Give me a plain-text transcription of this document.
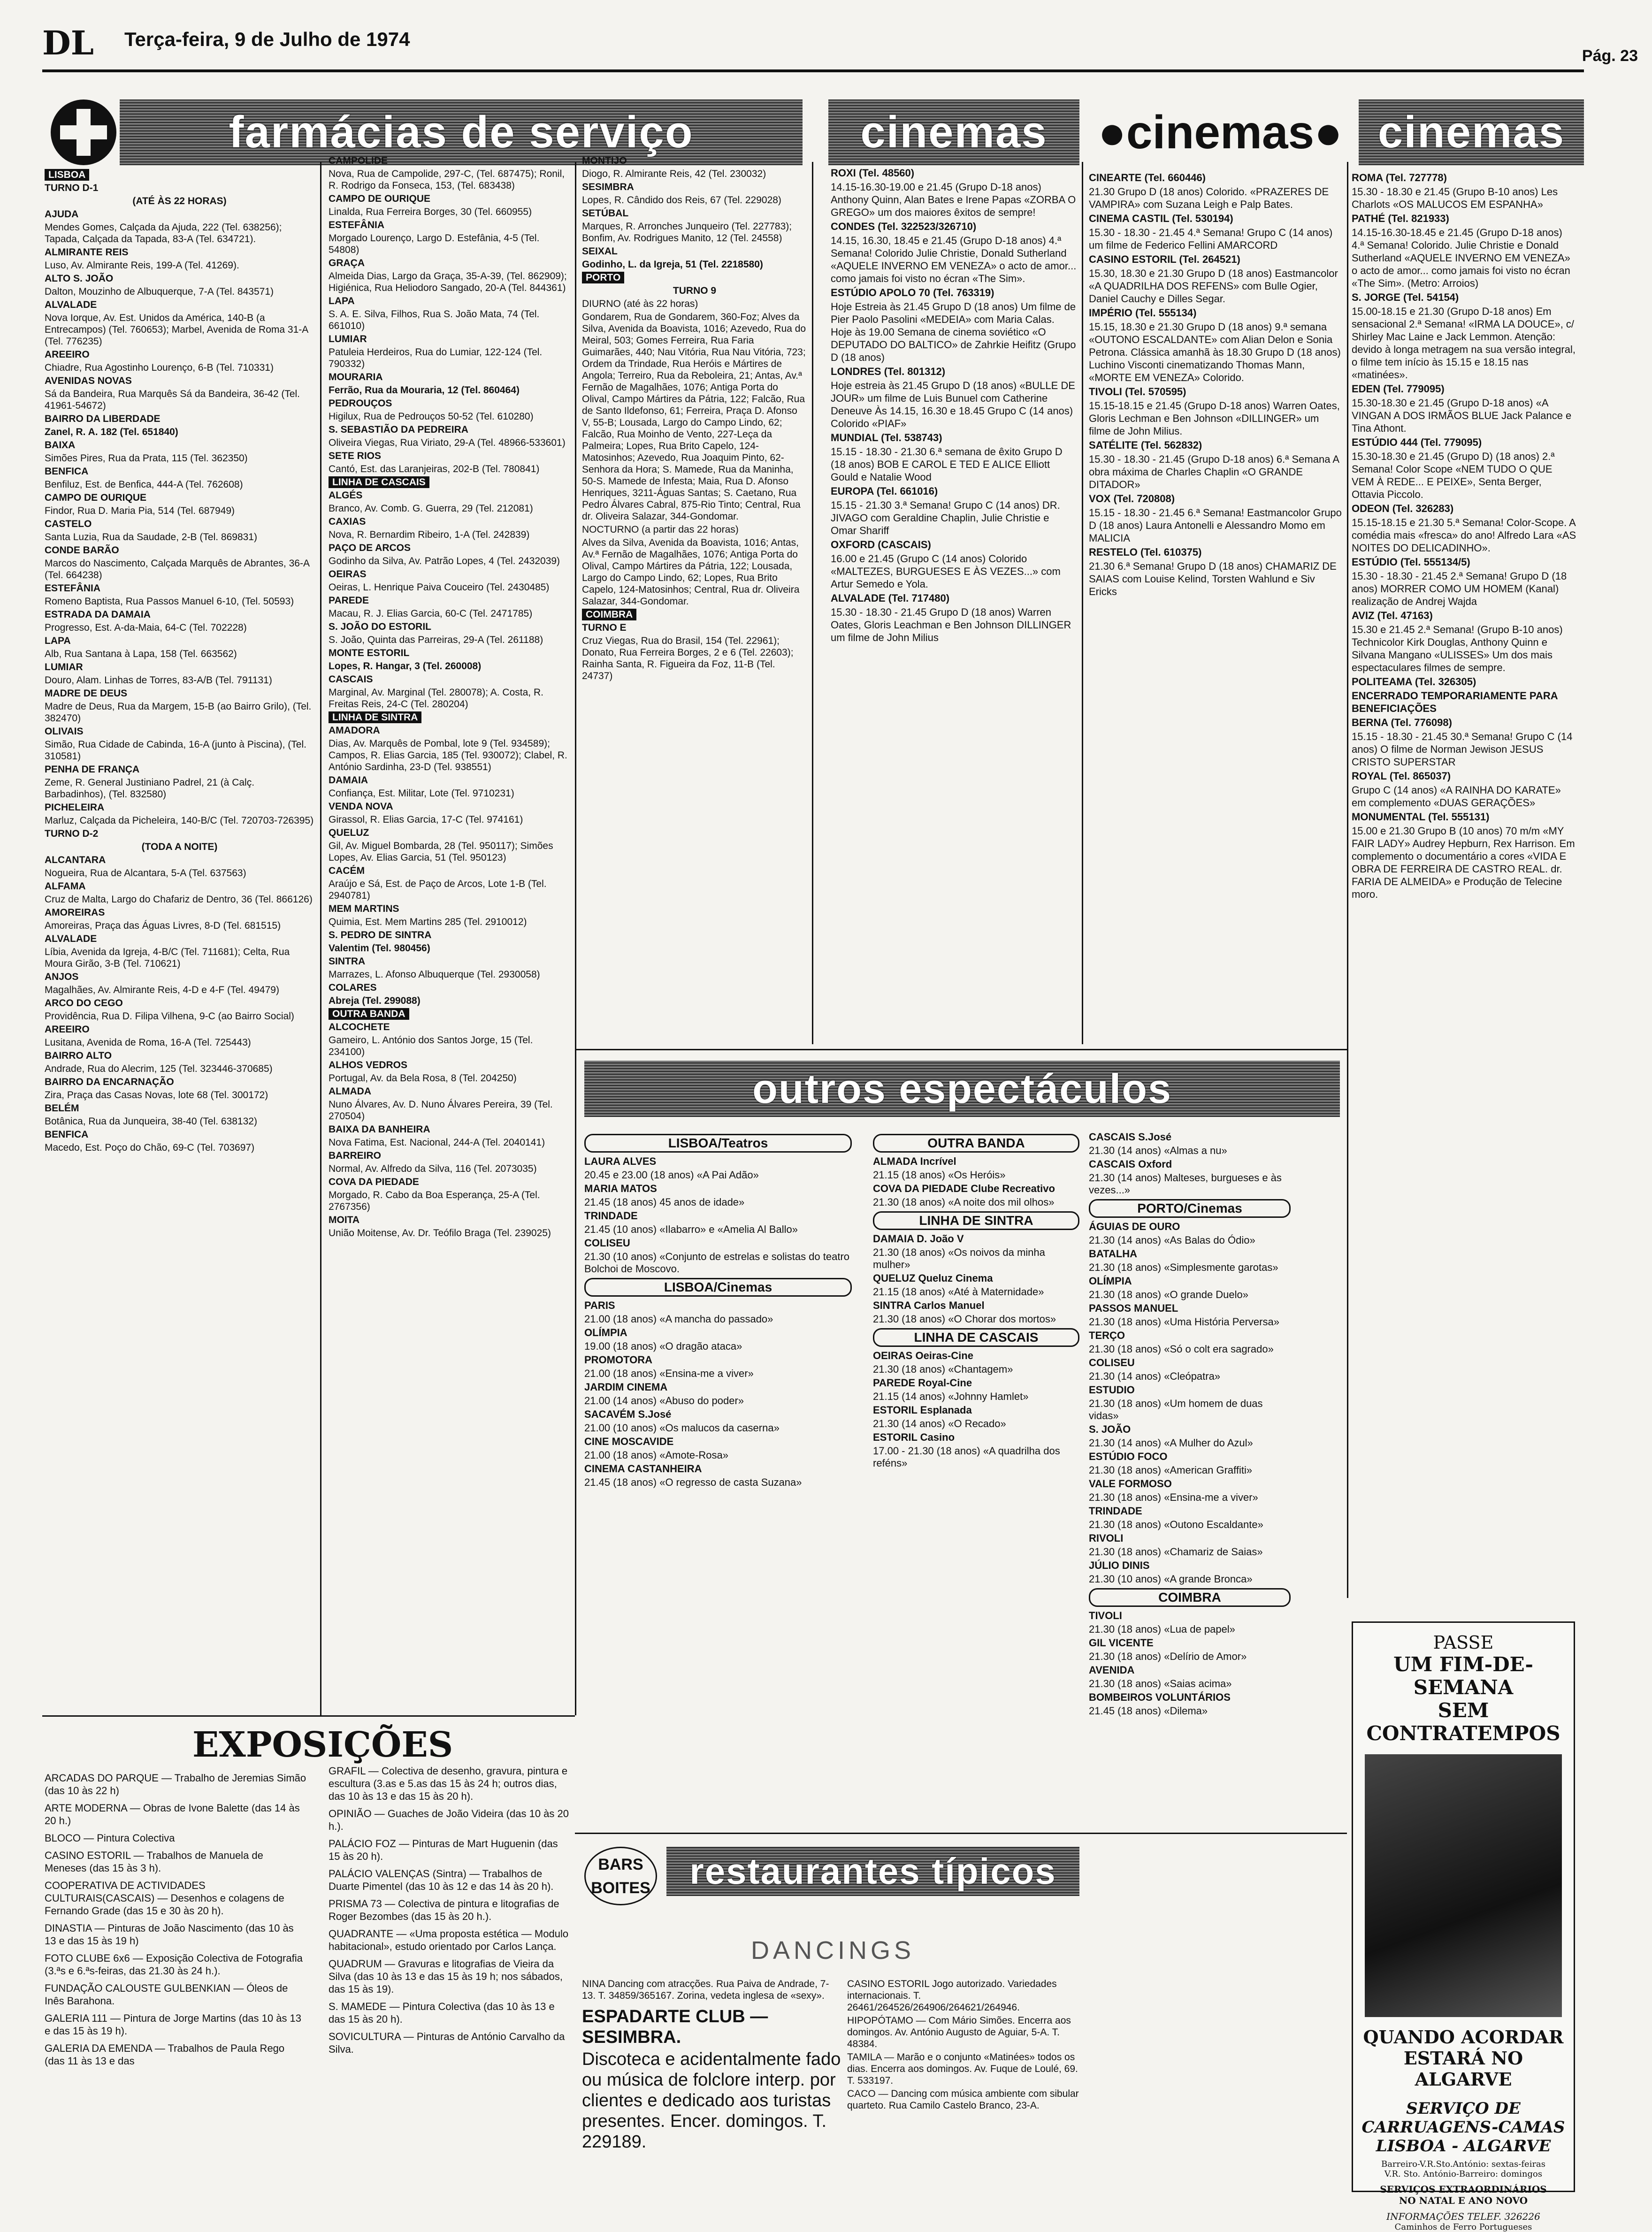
DL Terça-feira, 9 de Julho de 1974
Pág. 23
farmácias de serviço	cinemas	●cinemas● cinemas

LISBOA

TURNO D-1

(ATÉ ÀS 22 HORAS)

AJUDA

Mendes Gomes, Calçada da Ajuda, 222 (Tel. 638256); Tapada, Calçada da Tapada, 83-A (Tel. 634721).

ALMIRANTE REIS

Luso, Av. Almirante Reis, 199-A (Tel. 41269).

ALTO S. JOÃO

Dalton, Mouzinho de Albuquerque, 7-A (Tel. 843571)

ALVALADE

Nova Iorque, Av. Est. Unidos da América, 140-B (a Entrecampos) (Tel. 760653); Marbel, Avenida de Roma 31-A (Tel. 776235)

AREEIRO

Chiadre, Rua Agostinho Lourenço, 6-B (Tel. 710331)

AVENIDAS NOVAS

Sá da Bandeira, Rua Marquês Sá da Bandeira, 36-42 (Tel. 41961-54672)

BAIRRO DA LIBERDADE

Zanel, R. A. 182 (Tel. 651840)

BAIXA

Simões Pires, Rua da Prata, 115 (Tel. 362350)

BENFICA

Benfiluz, Est. de Benfica, 444-A (Tel. 762608)

CAMPO DE OURIQUE

Findor, Rua D. Maria Pia, 514 (Tel. 687949)

CASTELO

Santa Luzia, Rua da Saudade, 2-B (Tel. 869831)

CONDE BARÃO

Marcos do Nascimento, Calçada Marquês de Abrantes, 36-A (Tel. 664238)

ESTEFÂNIA

Romeno Baptista, Rua Passos Manuel 6-10, (Tel. 50593)

ESTRADA DA DAMAIA

Progresso, Est. A-da-Maia, 64-C (Tel. 702228)

LAPA

Alb, Rua Santana à Lapa, 158 (Tel. 663562)

LUMIAR

Douro, Alam. Linhas de Torres, 83-A/B (Tel. 791131)

MADRE DE DEUS

Madre de Deus, Rua da Margem, 15-B (ao Bairro Grilo), (Tel. 382470)

OLIVAIS

Simão, Rua Cidade de Cabinda, 16-A (junto à Piscina), (Tel. 310581)

PENHA DE FRANÇA

Zeme, R. General Justiniano Padrel, 21 (à Calç. Barbadinhos), (Tel. 832580)

PICHELEIRA

Marluz, Calçada da Picheleira, 140-B/C (Tel. 720703-726395)

TURNO D-2

(TODA A NOITE)

ALCANTARA

Nogueira, Rua de Alcantara, 5-A (Tel. 637563)

ALFAMA

Cruz de Malta, Largo do Chafariz de Dentro, 36 (Tel. 866126)

AMOREIRAS

Amoreiras, Praça das Águas Livres, 8-D (Tel. 681515)

ALVALADE

Líbia, Avenida da Igreja, 4-B/C (Tel. 711681); Celta, Rua Moura Girão, 3-B (Tel. 710621)

ANJOS

Magalhães, Av. Almirante Reis, 4-D e 4-F (Tel. 49479)

ARCO DO CEGO

Providência, Rua D. Filipa Vilhena, 9-C (ao Bairro Social)

AREEIRO

Lusitana, Avenida de Roma, 16-A (Tel. 725443)

BAIRRO ALTO

Andrade, Rua do Alecrim, 125 (Tel. 323446-370685)

BAIRRO DA ENCARNAÇÃO

Zira, Praça das Casas Novas, lote 68 (Tel. 300172)

BELÉM

Botânica, Rua da Junqueira, 38-40 (Tel. 638132)

BENFICA

Macedo, Est. Poço do Chão, 69-C (Tel. 703697)

CAMPOLIDE

Nova, Rua de Campolide, 297-C, (Tel. 687475); Ronil, R. Rodrigo da Fonseca, 153, (Tel. 683438)

CAMPO DE OURIQUE

Linalda, Rua Ferreira Borges, 30 (Tel. 660955)

ESTEFÂNIA

Morgado Lourenço, Largo D. Estefânia, 4-5 (Tel. 54808)

GRAÇA

Almeida Dias, Largo da Graça, 35-A-39, (Tel. 862909); Higiénica, Rua Heliodoro Sangado, 20-A (Tel. 844361)

LAPA

S. A. E. Silva, Filhos, Rua S. João Mata, 74 (Tel. 661010)

LUMIAR

Patuleia Herdeiros, Rua do Lumiar, 122-124 (Tel. 790332)

MOURARIA

Ferrão, Rua da Mouraria, 12 (Tel. 860464)

PEDROUÇOS

Higilux, Rua de Pedrouços 50-52 (Tel. 610280)

S. SEBASTIÃO DA PEDREIRA

Oliveira Viegas, Rua Viriato, 29-A (Tel. 48966-533601)

SETE RIOS

Cantó, Est. das Laranjeiras, 202-B (Tel. 780841)

LINHA DE CASCAIS

ALGÉS

Branco, Av. Comb. G. Guerra, 29 (Tel. 212081)

CAXIAS

Nova, R. Bernardim Ribeiro, 1-A (Tel. 242839)

PAÇO DE ARCOS

Godinho da Silva, Av. Patrão Lopes, 4 (Tel. 2432039)

OEIRAS

Oeiras, L. Henrique Paiva Couceiro (Tel. 2430485)

PAREDE

Macau, R. J. Elias Garcia, 60-C (Tel. 2471785)

S. JOÃO DO ESTORIL

S. João, Quinta das Parreiras, 29-A (Tel. 261188)

MONTE ESTORIL

Lopes, R. Hangar, 3 (Tel. 260008)

CASCAIS

Marginal, Av. Marginal (Tel. 280078); A. Costa, R. Freitas Reis, 24-C (Tel. 280204)

LINHA DE SINTRA

AMADORA

Dias, Av. Marquês de Pombal, lote 9 (Tel. 934589); Campos, R. Elias Garcia, 185 (Tel. 930072); Clabel, R. António Sardinha, 23-D (Tel. 938551)

DAMAIA

Confiança, Est. Militar, Lote (Tel. 9710231)

VENDA NOVA

Girassol, R. Elias Garcia, 17-C (Tel. 974161)

QUELUZ

Gil, Av. Miguel Bombarda, 28 (Tel. 950117); Simões Lopes, Av. Elias Garcia, 51 (Tel. 950123)

CACÉM

Araújo e Sá, Est. de Paço de Arcos, Lote 1-B (Tel. 2940781)

MEM MARTINS

Quimia, Est. Mem Martins 285 (Tel. 2910012)

S. PEDRO DE SINTRA

Valentim (Tel. 980456)

SINTRA

Marrazes, L. Afonso Albuquerque (Tel. 2930058)

COLARES

Abreja (Tel. 299088)

OUTRA BANDA

ALCOCHETE

Gameiro, L. António dos Santos Jorge, 15 (Tel. 234100)

ALHOS VEDROS

Portugal, Av. da Bela Rosa, 8 (Tel. 204250)

ALMADA

Nuno Álvares, Av. D. Nuno Álvares Pereira, 39 (Tel. 270504)

BAIXA DA BANHEIRA

Nova Fatima, Est. Nacional, 244-A (Tel. 2040141)

BARREIRO

Normal, Av. Alfredo da Silva, 116 (Tel. 2073035)

COVA DA PIEDADE

Morgado, R. Cabo da Boa Esperança, 25-A (Tel. 2767356)

MOITA

União Moitense, Av. Dr. Teófilo Braga (Tel. 239025)

MONTIJO

Diogo, R. Almirante Reis, 42 (Tel. 230032)

SESIMBRA

Lopes, R. Cândido dos Reis, 67 (Tel. 229028)

SETÚBAL

Marques, R. Arronches Junqueiro (Tel. 227783); Bonfim, Av. Rodrigues Manito, 12 (Tel. 24558)

SEIXAL

Godinho, L. da Igreja, 51 (Tel. 2218580)

PORTO

TURNO 9

DIURNO (até às 22 horas)

Gondarem, Rua de Gondarem, 360-Foz; Alves da Silva, Avenida da Boavista, 1016; Azevedo, Rua do Meiral, 503; Gomes Ferreira, Rua Faria Guimarães, 440; Nau Vitória, Rua Nau Vitória, 723; Ordem da Trindade, Rua Heróis e Mártires de Angola; Terreiro, Rua da Reboleira, 21; Antas, Av.ª Fernão de Magalhães, 1076; Antiga Porta do Olival, Campo Mártires da Pátria, 122; Falcão, Rua de Santo Ildefonso, 61; Ferreira, Praça D. Afonso V, 55-B; Lousada, Largo do Campo Lindo, 62; Falcão, Rua Moinho de Vento, 227-Leça da Palmeira; Lopes, Rua Brito Capelo, 124-Matosinhos; Azevedo, Rua Joaquim Pinto, 62-Senhora da Hora; S. Mamede, Rua da Maninha, 50-S. Mamede de Infesta; Maia, Rua D. Afonso Henriques, 3211-Águas Santas; S. Caetano, Rua Pedro Álvares Cabral, 875-Rio Tinto; Central, Rua dr. Oliveira Salazar, 344-Gondomar.

NOCTURNO (a partir das 22 horas)

Alves da Silva, Avenida da Boavista, 1016; Antas, Av.ª Fernão de Magalhães, 1076; Antiga Porta do Olival, Campo Mártires da Pátria, 122; Lousada, Largo do Campo Lindo, 62; Lopes, Rua Brito Capelo, 124-Matosinhos; Central, Rua dr. Oliveira Salazar, 344-Gondomar.

COIMBRA

TURNO E

Cruz Viegas, Rua do Brasil, 154 (Tel. 22961); Donato, Rua Ferreira Borges, 2 e 6 (Tel. 22603); Rainha Santa, R. Figueira da Foz, 11-B (Tel. 24737)

ROXI (Tel. 48560)

14.15-16.30-19.00 e 21.45 (Grupo D-18 anos) Anthony Quinn, Alan Bates e Irene Papas «ZORBA O GREGO» um dos maiores êxitos de sempre!

CONDES (Tel. 322523/326710)

14.15, 16.30, 18.45 e 21.45 (Grupo D-18 anos) 4.ª Semana! Colorido Julie Christie, Donald Sutherland «AQUELE INVERNO EM VENEZA» o acto de amor... como jamais foi visto no écran «The Sim».

ESTÚDIO APOLO 70 (Tel. 763319)

Hoje Estreia às 21.45 Grupo D (18 anos) Um filme de Pier Paolo Pasolini «MEDEIA» com Maria Calas. Hoje às 19.00 Semana de cinema soviético «O DEPUTADO DO BALTICO» de Zahrkie Heifitz (Grupo D (18 anos)

LONDRES (Tel. 801312)

Hoje estreia às 21.45 Grupo D (18 anos) «BULLE DE JOUR» um filme de Luis Bunuel com Catherine Deneuve Às 14.15, 16.30 e 18.45 Grupo C (14 anos) Colorido «PIAF»

MUNDIAL (Tel. 538743)

15.15 - 18.30 - 21.30 6.ª semana de êxito Grupo D (18 anos) BOB E CAROL E TED E ALICE Elliott Gould e Natalie Wood

EUROPA (Tel. 661016)

15.15 - 21.30 3.ª Semana! Grupo C (14 anos) DR. JIVAGO com Geraldine Chaplin, Julie Christie e Omar Shariff

OXFORD (CASCAIS)

16.00 e 21.45 (Grupo C (14 anos) Colorido «MALTEZES, BURGUESES E ÀS VEZES...» com Artur Semedo e Yola.

ALVALADE (Tel. 717480)

15.30 - 18.30 - 21.45 Grupo D (18 anos) Warren Oates, Gloris Leachman e Ben Johnson DILLINGER um filme de John Milius

CINEARTE (Tel. 660446)

21.30 Grupo D (18 anos) Colorido. «PRAZERES DE VAMPIRA» com Suzana Leigh e Palp Bates.

CINEMA CASTIL (Tel. 530194)

15.30 - 18.30 - 21.45 4.ª Semana! Grupo C (14 anos) um filme de Federico Fellini AMARCORD

CASINO ESTORIL (Tel. 264521)

15.30, 18.30 e 21.30 Grupo D (18 anos) Eastmancolor «A QUADRILHA DOS REFENS» com Bulle Ogier, Daniel Cauchy e Dilles Segar.

IMPÉRIO (Tel. 555134)

15.15, 18.30 e 21.30 Grupo D (18 anos) 9.ª semana «OUTONO ESCALDANTE» com Alian Delon e Sonia Petrona. Clássica amanhã às 18.30 Grupo D (18 anos) Luchino Visconti cinematizando Thomas Mann, «MORTE EM VENEZA» Colorido.

TIVOLI (Tel. 570595)

15.15-18.15 e 21.45 (Grupo D-18 anos) Warren Oates, Gloris Lechman e Ben Johnson «DILLINGER» um filme de John Milius.

SATÉLITE (Tel. 562832)

15.30 - 18.30 - 21.45 (Grupo D-18 anos) 6.ª Semana A obra máxima de Charles Chaplin «O GRANDE DITADOR»

VOX (Tel. 720808)

15.15 - 18.30 - 21.45 6.ª Semana! Eastmancolor Grupo D (18 anos) Laura Antonelli e Alessandro Momo em MALICIA

RESTELO (Tel. 610375)

21.30 6.ª Semana! Grupo D (18 anos) CHAMARIZ DE SAIAS com Louise Kelind, Torsten Wahlund e Siv Ericks

ROMA (Tel. 727778)

15.30 - 18.30 e 21.45 (Grupo B-10 anos) Les Charlots «OS MALUCOS EM ESPANHA»

PATHÉ (Tel. 821933)

14.15-16.30-18.45 e 21.45 (Grupo D-18 anos) 4.ª Semana! Colorido. Julie Christie e Donald Sutherland «AQUELE INVERNO EM VENEZA» o acto de amor... como jamais foi visto no écran «The Sim». (Metro: Arroios)

S. JORGE (Tel. 54154)

15.00-18.15 e 21.30 (Grupo D-18 anos) Em sensacional 2.ª Semana! «IRMA LA DOUCE», c/ Shirley Mac Laine e Jack Lemmon. Atenção: devido à longa metragem na sua versão integral, o filme tem início às 15.15 e 18.15 nas «matinées».

EDEN (Tel. 779095)

15.30-18.30 e 21.45 (Grupo D-18 anos) «A VINGAN A DOS IRMÃOS BLUE Jack Palance e Tina Athont.

ESTÚDIO 444 (Tel. 779095)

15.30-18.30 e 21.45 (Grupo D) (18 anos) 2.ª Semana! Color Scope «NEM TUDO O QUE VEM À REDE... E PEIXE», Senta Berger, Ottavia Piccolo.

ODEON (Tel. 326283)

15.15-18.15 e 21.30 5.ª Semana! Color-Scope. A comédia mais «fresca» do ano! Alfredo Lara «AS NOITES DO DELICADINHO».

ESTÚDIO (Tel. 555134/5)

15.30 - 18.30 - 21.45 2.ª Semana! Grupo D (18 anos) MORRER COMO UM HOMEM (Kanal) realização de Andrej Wajda

AVIZ (Tel. 47163)

15.30 e 21.45 2.ª Semana! (Grupo B-10 anos) Technicolor Kirk Douglas, Anthony Quinn e Silvana Mangano «ULISSES» Um dos mais espectaculares filmes de sempre.

POLITEAMA (Tel. 326305)

ENCERRADO TEMPORARIAMENTE PARA BENEFICIAÇÕES

BERNA (Tel. 776098)

15.15 - 18.30 - 21.45 30.ª Semana! Grupo C (14 anos) O filme de Norman Jewison JESUS CRISTO SUPERSTAR

ROYAL (Tel. 865037)

Grupo C (14 anos) «A RAINHA DO KARATE» em complemento «DUAS GERAÇÕES»

MONUMENTAL (Tel. 555131)

15.00 e 21.30 Grupo B (10 anos) 70 m/m «MY FAIR LADY» Audrey Hepburn, Rex Harrison. Em complemento o documentário a cores «VIDA E OBRA DE FERREIRA DE CASTRO REAL. dr. FARIA DE ALMEIDA» e Produção de Telecine moro.

outros espectáculos
LISBOA/Teatros

LAURA ALVES

20.45 e 23.00 (18 anos) «A Pai Adão»

MARIA MATOS

21.45 (18 anos) 45 anos de idade»

TRINDADE

21.45 (10 anos) «Ilabarro» e «Amelia Al Ballo»

COLISEU

21.30 (10 anos) «Conjunto de estrelas e solistas do teatro Bolchoi de Moscovo.

LISBOA/Cinemas

PARIS

21.00 (18 anos) «A mancha do passado»

OLÍMPIA

19.00 (18 anos) «O dragão ataca»

PROMOTORA

21.00 (18 anos) «Ensina-me a viver»

JARDIM CINEMA

21.00 (14 anos) «Abuso do poder»

SACAVÉM S.José

21.00 (10 anos) «Os malucos da caserna»

CINE MOSCAVIDE

21.00 (18 anos) «Amote-Rosa»

CINEMA CASTANHEIRA

21.45 (18 anos) «O regresso de casta Suzana»

OUTRA BANDA

ALMADA Incrível

21.15 (18 anos) «Os Heróis»

COVA DA PIEDADE Clube Recreativo

21.30 (18 anos) «A noite dos mil olhos»

LINHA DE SINTRA

DAMAIA D. João V

21.30 (18 anos) «Os noivos da minha mulher»

QUELUZ Queluz Cinema

21.15 (18 anos) «Até à Maternidade»

SINTRA Carlos Manuel

21.30 (18 anos) «O Chorar dos mortos»

LINHA DE CASCAIS

OEIRAS Oeiras-Cine

21.30 (18 anos) «Chantagem»

PAREDE Royal-Cine

21.15 (14 anos) «Johnny Hamlet»

ESTORIL Esplanada

21.30 (14 anos) «O Recado»

ESTORIL Casino

17.00 - 21.30 (18 anos) «A quadrilha dos reféns»

CASCAIS S.José

21.30 (14 anos) «Almas a nu»

CASCAIS Oxford

21.30 (14 anos) Malteses, burgueses e às vezes...»

PORTO/Cinemas

ÁGUIAS DE OURO

21.30 (14 anos) «As Balas do Ódio»

BATALHA

21.30 (18 anos) «Simplesmente garotas»

OLÍMPIA

21.30 (18 anos) «O grande Duelo»

PASSOS MANUEL

21.30 (18 anos) «Uma História Perversa»

TERÇO

21.30 (18 anos) «Só o colt era sagrado»

COLISEU

21.30 (14 anos) «Cleópatra»

ESTUDIO

21.30 (18 anos) «Um homem de duas vidas»

S. JOÃO

21.30 (14 anos) «A Mulher do Azul»

ESTÚDIO FOCO

21.30 (18 anos) «American Graffiti»

VALE FORMOSO

21.30 (18 anos) «Ensina-me a viver»

TRINDADE

21.30 (18 anos) «Outono Escaldante»

RIVOLI

21.30 (18 anos) «Chamariz de Saias»

JÚLIO DINIS

21.30 (10 anos) «A grande Bronca»

COIMBRA

TIVOLI

21.30 (18 anos) «Lua de papel»

GIL VICENTE

21.30 (18 anos) «Delírio de Amor»

AVENIDA

21.30 (18 anos) «Saias acima»

BOMBEIROS VOLUNTÁRIOS

21.45 (18 anos) «Dilema»

BARS
BOITES	restaurantes típicos
DANCINGS

NINA Dancing com atracções. Rua Paiva de Andrade, 7-13. T. 34859/365167. Zorina, vedeta inglesa de «sexy».

ESPADARTE CLUB — SESIMBRA.

Discoteca e acidentalmente fado ou música de folclore interp. por clientes e dedicado aos turistas presentes. Encer. domingos. T. 229189.

CASINO ESTORIL Jogo autorizado. Variedades internacionais. T. 26461/264526/264906/264621/264946.

HIPOPÓTAMO — Com Mário Simões. Encerra aos domingos. Av. António Augusto de Aguiar, 5-A. T. 48384.

TAMILA — Marão e o conjunto «Matinées» todos os dias. Encerra aos domingos. Av. Fuque de Loulé, 69. T. 533197.

CACO — Dancing com música ambiente com sibular quarteto. Rua Camilo Castelo Branco, 23-A.

EXPOSIÇÕES

ARCADAS DO PARQUE — Trabalho de Jeremias Simão (das 10 às 22 h)

ARTE MODERNA — Obras de Ivone Balette (das 14 às 20 h.)

BLOCO — Pintura Colectiva

CASINO ESTORIL — Trabalhos de Manuela de Meneses (das 15 às 3 h).

COOPERATIVA DE ACTIVIDADES CULTURAIS(CASCAIS) — Desenhos e colagens de Fernando Grade (das 15 e 30 às 20 h).

DINASTIA — Pinturas de João Nascimento (das 10 às 13 e das 15 às 19 h)

FOTO CLUBE 6x6 — Exposição Colectiva de Fotografia (3.ªs e 6.ªs-feiras, das 21.30 às 24 h.).

FUNDAÇÃO CALOUSTE GULBENKIAN — Óleos de Inês Barahona.

GALERIA 111 — Pintura de Jorge Martins (das 10 às 13 e das 15 às 19 h).

GALERIA DA EMENDA — Trabalhos de Paula Rego (das 11 às 13 e das

GRAFIL — Colectiva de desenho, gravura, pintura e escultura (3.as e 5.as das 15 às 24 h; outros dias, das 10 às 13 e das 15 às 20 h).

OPINIÃO — Guaches de João Videira (das 10 às 20 h.).

PALÁCIO FOZ — Pinturas de Mart Huguenin (das 15 às 20 h).

PALÁCIO VALENÇAS (Sintra) — Trabalhos de Duarte Pimentel (das 10 às 12 e das 14 às 20 h).

PRISMA 73 — Colectiva de pintura e litografias de Roger Bezombes (das 15 às 20 h.).

QUADRANTE — «Uma proposta estética — Modulo habitacional», estudo orientado por Carlos Lança.

QUADRUM — Gravuras e litografias de Vieira da Silva (das 10 às 13 e das 15 às 19 h; nos sábados, das 15 às 19).

S. MAMEDE — Pintura Colectiva (das 10 às 13 e das 15 às 20 h).

SOVICULTURA — Pinturas de António Carvalho da Silva.

PASSE
UM FIM-DE-SEMANA
SEM CONTRATEMPOS
QUANDO ACORDAR
ESTARÁ NO ALGARVE
SERVIÇO DE
CARRUAGENS-CAMAS
LISBOA - ALGARVE
Barreiro-V.R.Sto.António: sextas-feiras
V.R. Sto. António-Barreiro: domingos
SERVIÇOS EXTRAORDINÁRIOS
NO NATAL E ANO NOVO
INFORMAÇÕES TELEF. 326226
Caminhos de Ferro Portugueses
